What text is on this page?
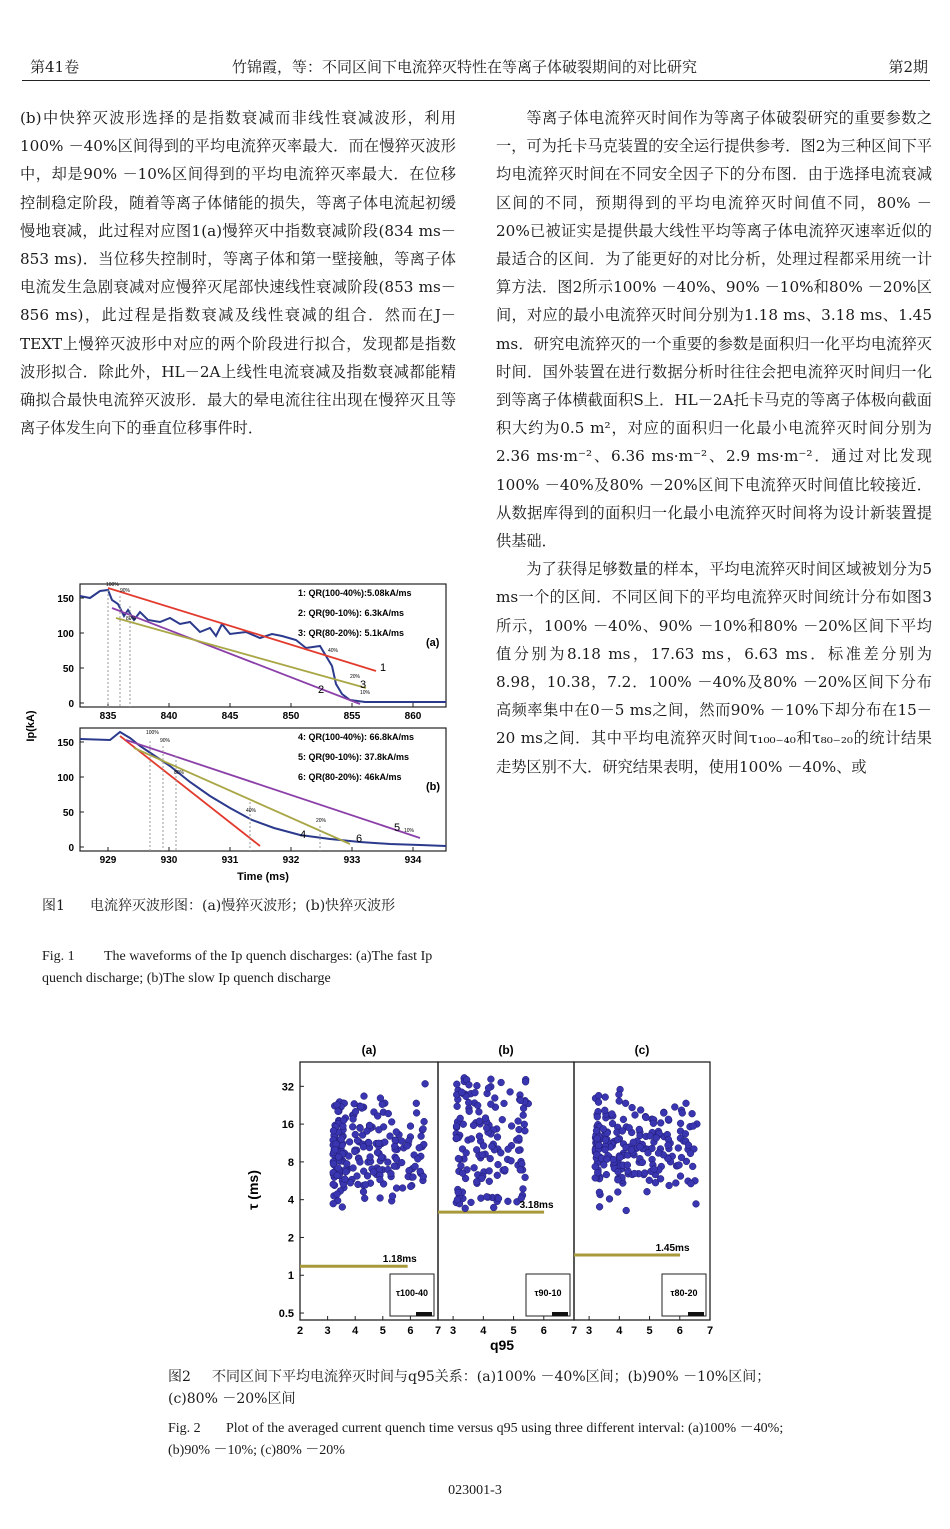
第41卷	竹锦霞，等：不同区间下电流猝灭特性在等离子体破裂期间的对比研究	第2期

(b)中快猝灭波形选择的是指数衰减而非线性衰减波形，利用100% －40%区间得到的平均电流猝灭率最大．而在慢猝灭波形中，却是90% －10%区间得到的平均电流猝灭率最大．在位移控制稳定阶段，随着等离子体储能的损失，等离子体电流起初缓慢地衰减，此过程对应图1(a)慢猝灭中指数衰减阶段(834 ms－853 ms)．当位移失控制时，等离子体和第一壁接触，等离子体电流发生急剧衰减对应慢猝灭尾部快速线性衰减阶段(853 ms－856 ms)，此过程是指数衰减及线性衰减的组合．然而在J－TEXT上慢猝灭波形中对应的两个阶段进行拟合，发现都是指数波形拟合．除此外，HL－2A上线性电流衰减及指数衰减都能精确拟合最快电流猝灭波形．最大的晕电流往往出现在慢猝灭且等离子体发生向下的垂直位移事件时．

等离子体电流猝灭时间作为等离子体破裂研究的重要参数之一，可为托卡马克装置的安全运行提供参考．图2为三种区间下平均电流猝灭时间在不同安全因子下的分布图．由于选择电流衰减区间的不同，预期得到的平均电流猝灭时间值不同，80% －20%已被证实是提供最大线性平均等离子体电流猝灭速率近似的最适合的区间．为了能更好的对比分析，处理过程都采用统一计算方法．图2所示100% －40%、90% －10%和80% －20%区间，对应的最小电流猝灭时间分别为1.18 ms、3.18 ms、1.45 ms．研究电流猝灭的一个重要的参数是面积归一化平均电流猝灭时间．国外装置在进行数据分析时往往会把电流猝灭时间归一化到等离子体横截面积S上．HL－2A托卡马克的等离子体极向截面积大约为0.5 m²，对应的面积归一化最小电流猝灭时间分别为2.36 ms·m⁻²、6.36 ms·m⁻²、2.9 ms·m⁻²．通过对比发现100% －40%及80% －20%区间下电流猝灭时间值比较接近．从数据库得到的面积归一化最小电流猝灭时间将为设计新装置提供基础．

为了获得足够数量的样本，平均电流猝灭时间区域被划分为5 ms一个的区间．不同区间下的平均电流猝灭时间统计分布如图3所示，100% －40%、90% －10%和80% －20%区间下平均值分别为8.18 ms，17.63 ms，6.63 ms．标准差分别为8.98，10.38，7.2．100% －40%及80% －20%区间下分布高频率集中在0－5 ms之间，然而90% －10%下却分布在15－20 ms之间．其中平均电流猝灭时间τ₁₀₀₋₄₀和τ₈₀₋₂₀的统计结果走势区别不大．研究结果表明，使用100% －40%、或

835	840	845	850	855	860
0
50
100
150
929	930	931	932	933	934
0
50
100
150
100%
90%
80%
40%
20%
10%
100%
90%
80%
40%
20%
10%
1
2	3
4
5
6
1: QR(100-40%):5.08kA/ms
2: QR(90-10%): 6.3kA/ms
3: QR(80-20%): 5.1kA/ms
4: QR(100-40%): 66.8kA/ms
5: QR(90-10%): 37.8kA/ms
6: QR(80-20%): 46kA/ms
(a)
(b)
Ip(kA)
Time (ms)
图1 电流猝灭波形图：(a)慢猝灭波形；(b)快猝灭波形
Fig. 1 The waveforms of the Ip quench discharges: (a)The fast Ip quench discharge; (b)The slow Ip quench discharge
0.5
1
2
4
8
16
32
(a)
2 3 4 5 6 7
1.18ms
τ100-40
(b)
3 4 5 6 7
3.18ms
τ90-10
(c)
3 4 5 6 7
1.45ms
τ80-20
τ (ms)
q95
图2 不同区间下平均电流猝灭时间与q95关系：(a)100% －40%区间；(b)90% －10%区间；(c)80% －20%区间
Fig. 2 Plot of the averaged current quench time versus q95 using three different interval: (a)100% －40%; (b)90% －10%; (c)80% －20%
023001-3
